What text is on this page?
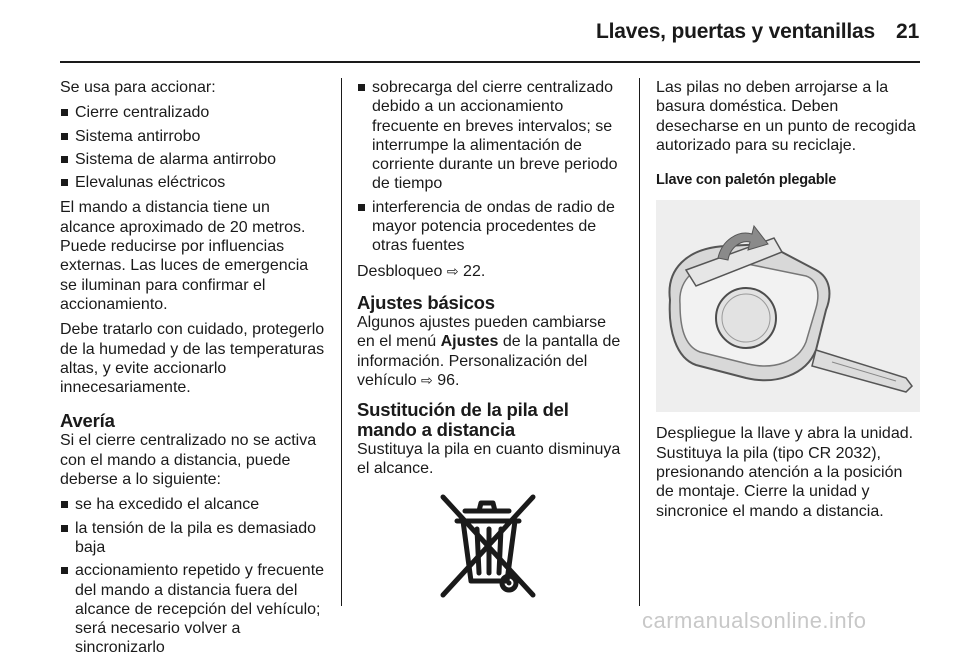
Llaves, puertas y ventanillas 21

Se usa para accionar:

Cierre centralizado
Sistema antirrobo
Sistema de alarma antirrobo
Elevalunas eléctricos

El mando a distancia tiene un alcance aproximado de 20 metros. Puede reducirse por influencias externas. Las luces de emergencia se iluminan para confirmar el accionamiento.

Debe tratarlo con cuidado, protegerlo de la humedad y de las temperaturas altas, y evite accionarlo innecesariamente.

Avería

Si el cierre centralizado no se activa con el mando a distancia, puede deberse a lo siguiente:

se ha excedido el alcance
la tensión de la pila es demasiado baja
accionamiento repetido y frecuente del mando a distancia fuera del alcance de recepción del vehículo; será necesario volver a sincronizarlo
sobrecarga del cierre centralizado debido a un accionamiento frecuente en breves intervalos; se interrumpe la alimentación de corriente durante un breve periodo de tiempo
interferencia de ondas de radio de mayor potencia procedentes de otras fuentes

Desbloqueo ⇨ 22.

Ajustes básicos

Algunos ajustes pueden cambiarse en el menú Ajustes de la pantalla de información. Personalización del vehículo ⇨ 96.

Sustitución de la pila del mando a distancia

Sustituya la pila en cuanto disminuya el alcance.

Las pilas no deben arrojarse a la basura doméstica. Deben desecharse en un punto de recogida autorizado para su reciclaje.

Llave con paletón plegable

Despliegue la llave y abra la unidad. Sustituya la pila (tipo CR 2032), presionando atención a la posición de montaje. Cierre la unidad y sincronice el mando a distancia.

carmanualsonline.info
